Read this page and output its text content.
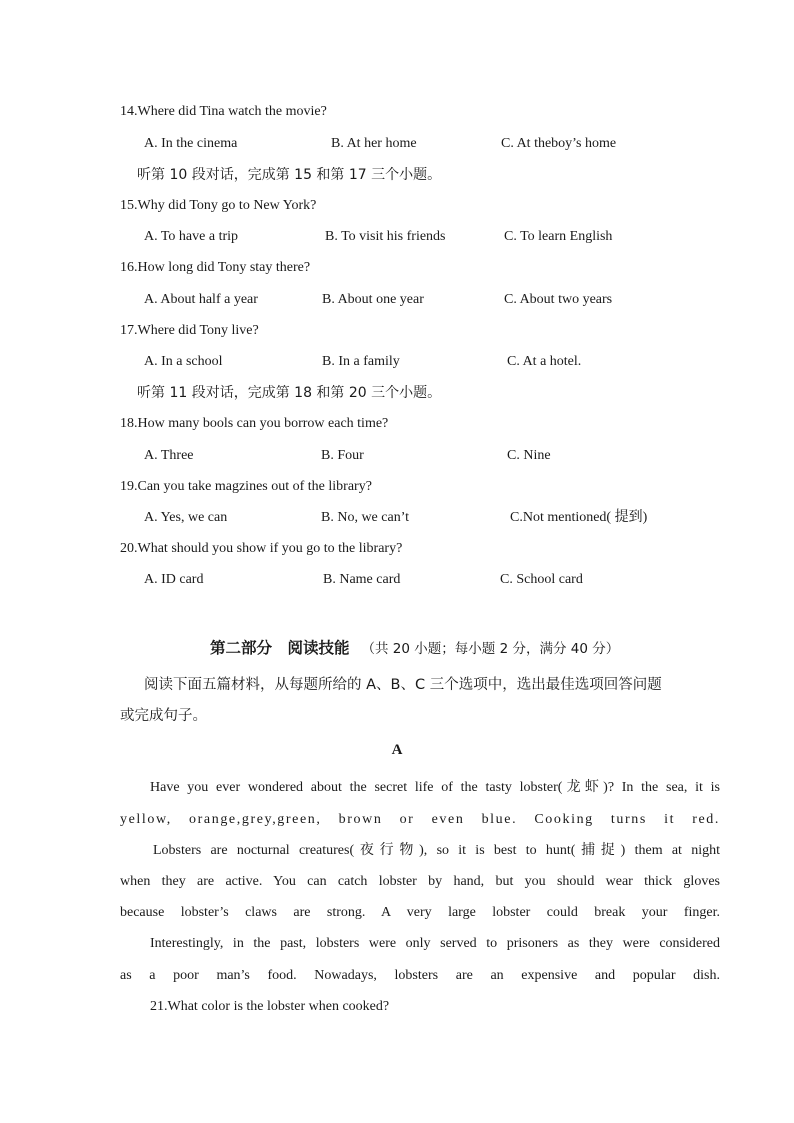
14.Where did Tina watch the movie?
A. In the cinema	B. At her home	C. At theboy’s home
听第 10 段对话，完成第 15 和第 17 三个小题。
15.Why did Tony go to New York?
A. To have a trip	B. To visit his friends	C. To learn English
16.How long did Tony stay there?
A. About half a year	B. About one year	C. About two years
17.Where did Tony live?
A. In a school	B. In a family	C. At a hotel.
听第 11 段对话，完成第 18 和第 20 三个小题。
18.How many bools can you borrow each time?
A. Three	B. Four	C. Nine
19.Can you take magzines out of the library?
A. Yes, we can	B. No, we can’t	C.Not mentioned( 提到)
20.What should you show if you go to the library?
A. ID card	B. Name card	C. School card
第二部分　阅读技能 （共 20 小题；每小题 2 分，满分 40 分）
阅读下面五篇材料，从每题所给的 A、B、C 三个选项中，选出最佳选项回答问题
或完成句子。
A
Have you ever wondered about the secret life of the tasty lobster(龙虾)? In the sea, it is
yellow, orange,grey,green, brown or even blue. Cooking turns it red.
Lobsters are nocturnal creatures(夜行物), so it is best to hunt(捕捉) them at night
when they are active. You can catch lobster by hand, but you should wear thick gloves
because lobster’s claws are strong. A very large lobster could break your finger.
Interestingly, in the past, lobsters were only served to prisoners as they were considered
as a poor man’s food. Nowadays, lobsters are an expensive and popular dish.
21.What color is the lobster when cooked?
